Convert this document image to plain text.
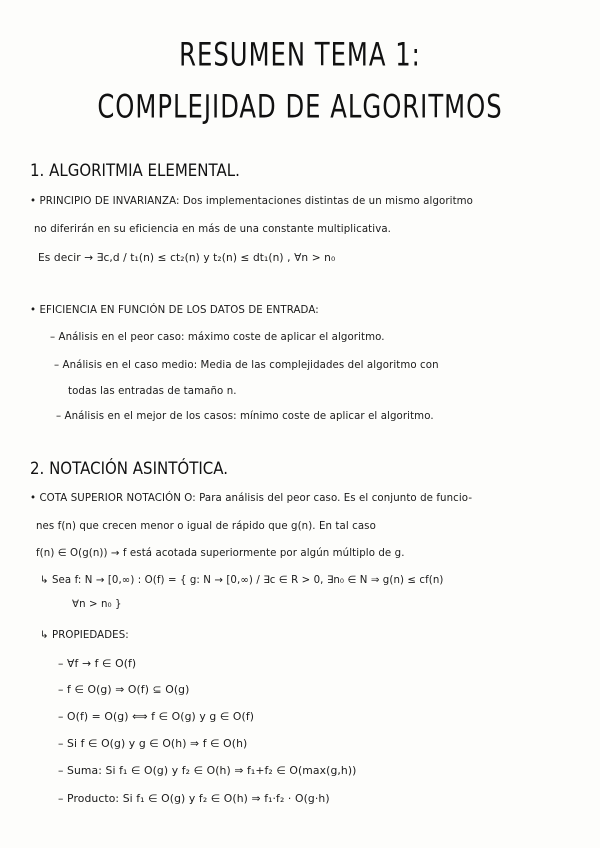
RESUMEN TEMA 1:
COMPLEJIDAD DE ALGORITMOS
1. ALGORITMIA ELEMENTAL.
• PRINCIPIO DE INVARIANZA: Dos implementaciones distintas de un mismo algoritmo
no diferirán en su eficiencia en más de una constante multiplicativa.
Es decir → ∃c,d / t₁(n) ≤ ct₂(n) y t₂(n) ≤ dt₁(n) , ∀n > n₀
• EFICIENCIA EN FUNCIÓN DE LOS DATOS DE ENTRADA:
– Análisis en el peor caso: máximo coste de aplicar el algoritmo.
– Análisis en el caso medio: Media de las complejidades del algoritmo con
todas las entradas de tamaño n.
– Análisis en el mejor de los casos: mínimo coste de aplicar el algoritmo.
2. NOTACIÓN ASINTÓTICA.
• COTA SUPERIOR NOTACIÓN O: Para análisis del peor caso. Es el conjunto de funcio-
nes f(n) que crecen menor o igual de rápido que g(n). En tal caso
f(n) ∈ O(g(n)) → f está acotada superiormente por algún múltiplo de g.
↳ Sea f: N → [0,∞) : O(f) = { g: N → [0,∞) / ∃c ∈ R > 0, ∃n₀ ∈ N ⇒ g(n) ≤ cf(n)
∀n > n₀ }
↳ PROPIEDADES:
– ∀f → f ∈ O(f)
– f ∈ O(g) ⇒ O(f) ⊆ O(g)
– O(f) = O(g) ⟺ f ∈ O(g) y g ∈ O(f)
– Si f ∈ O(g) y g ∈ O(h) ⇒ f ∈ O(h)
– Suma: Si f₁ ∈ O(g) y f₂ ∈ O(h) ⇒ f₁+f₂ ∈ O(max(g,h))
– Producto: Si f₁ ∈ O(g) y f₂ ∈ O(h) ⇒ f₁·f₂ · O(g·h)
